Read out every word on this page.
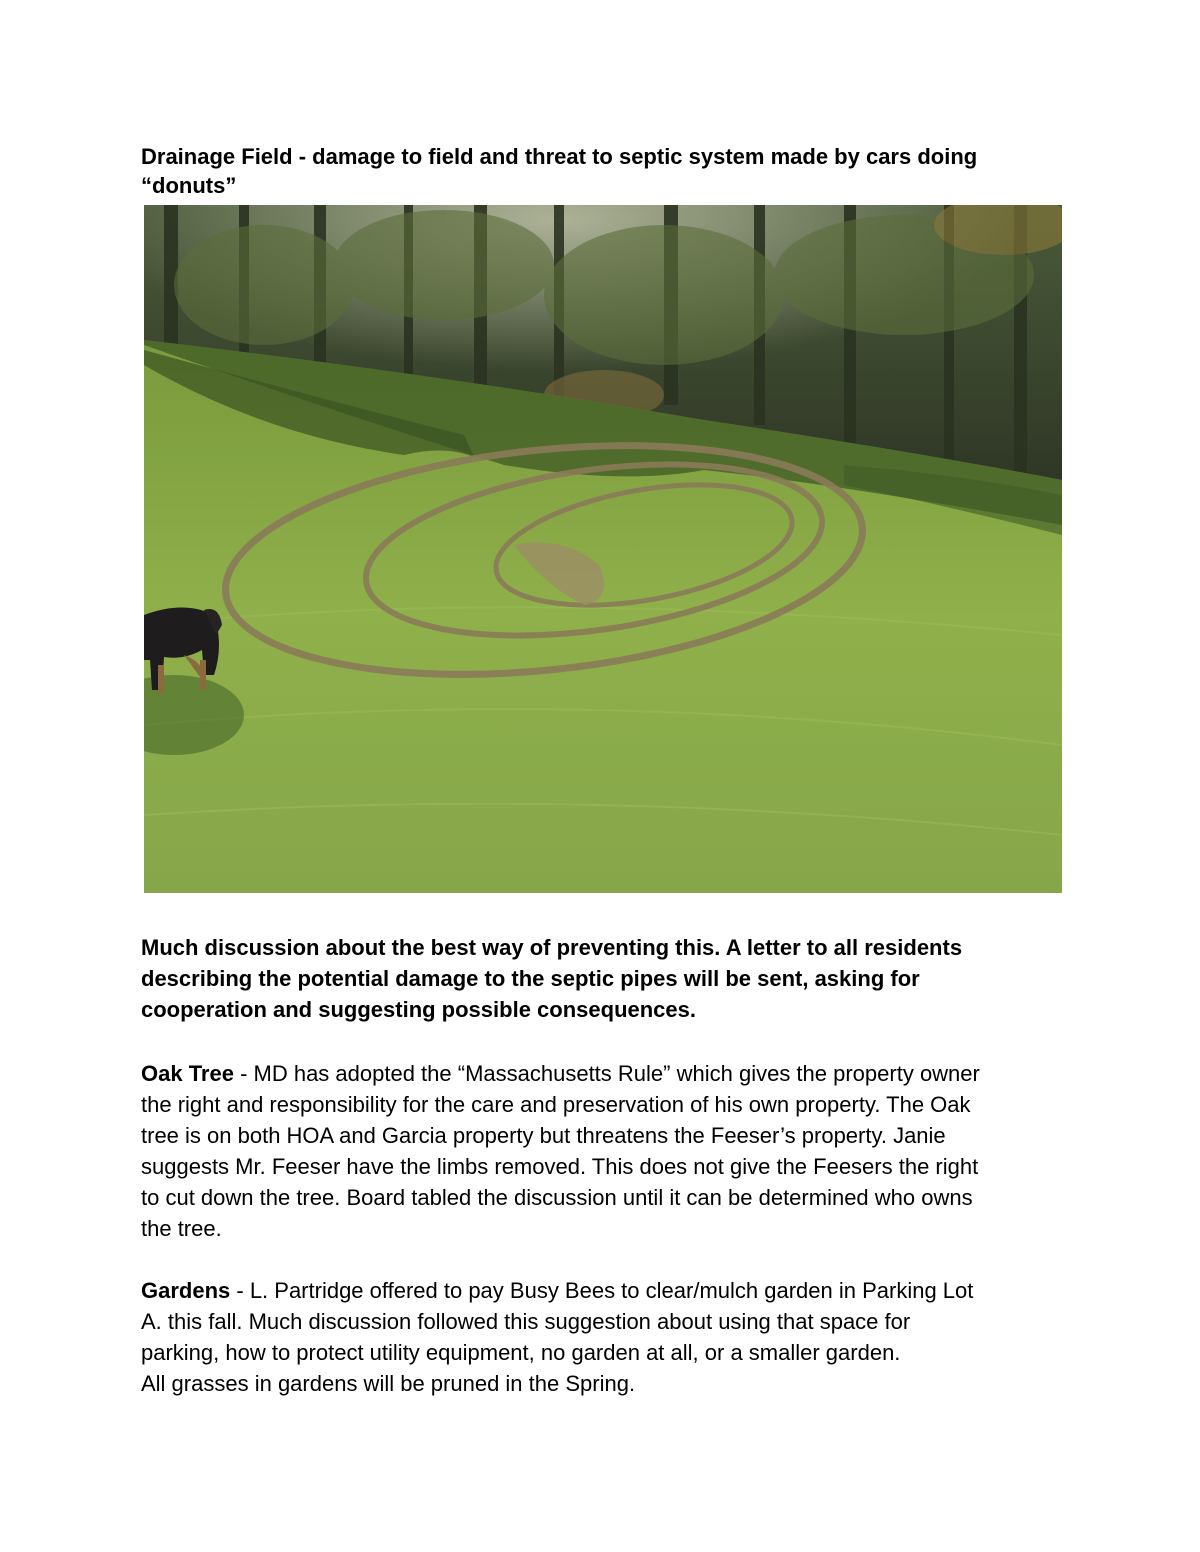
Drainage Field - damage to field and threat to septic system made by cars doing
“donuts”
Much discussion about the best way of preventing this. A letter to all residents
describing the potential damage to the septic pipes will be sent, asking for
cooperation and suggesting possible consequences.
Oak Tree - MD has adopted the “Massachusetts Rule” which gives the property owner
the right and responsibility for the care and preservation of his own property. The Oak
tree is on both HOA and Garcia property but threatens the Feeser’s property. Janie
suggests Mr. Feeser have the limbs removed. This does not give the Feesers the right
to cut down the tree. Board tabled the discussion until it can be determined who owns
the tree.
Gardens - L. Partridge offered to pay Busy Bees to clear/mulch garden in Parking Lot
A. this fall. Much discussion followed this suggestion about using that space for
parking, how to protect utility equipment, no garden at all, or a smaller garden.
All grasses in gardens will be pruned in the Spring.
